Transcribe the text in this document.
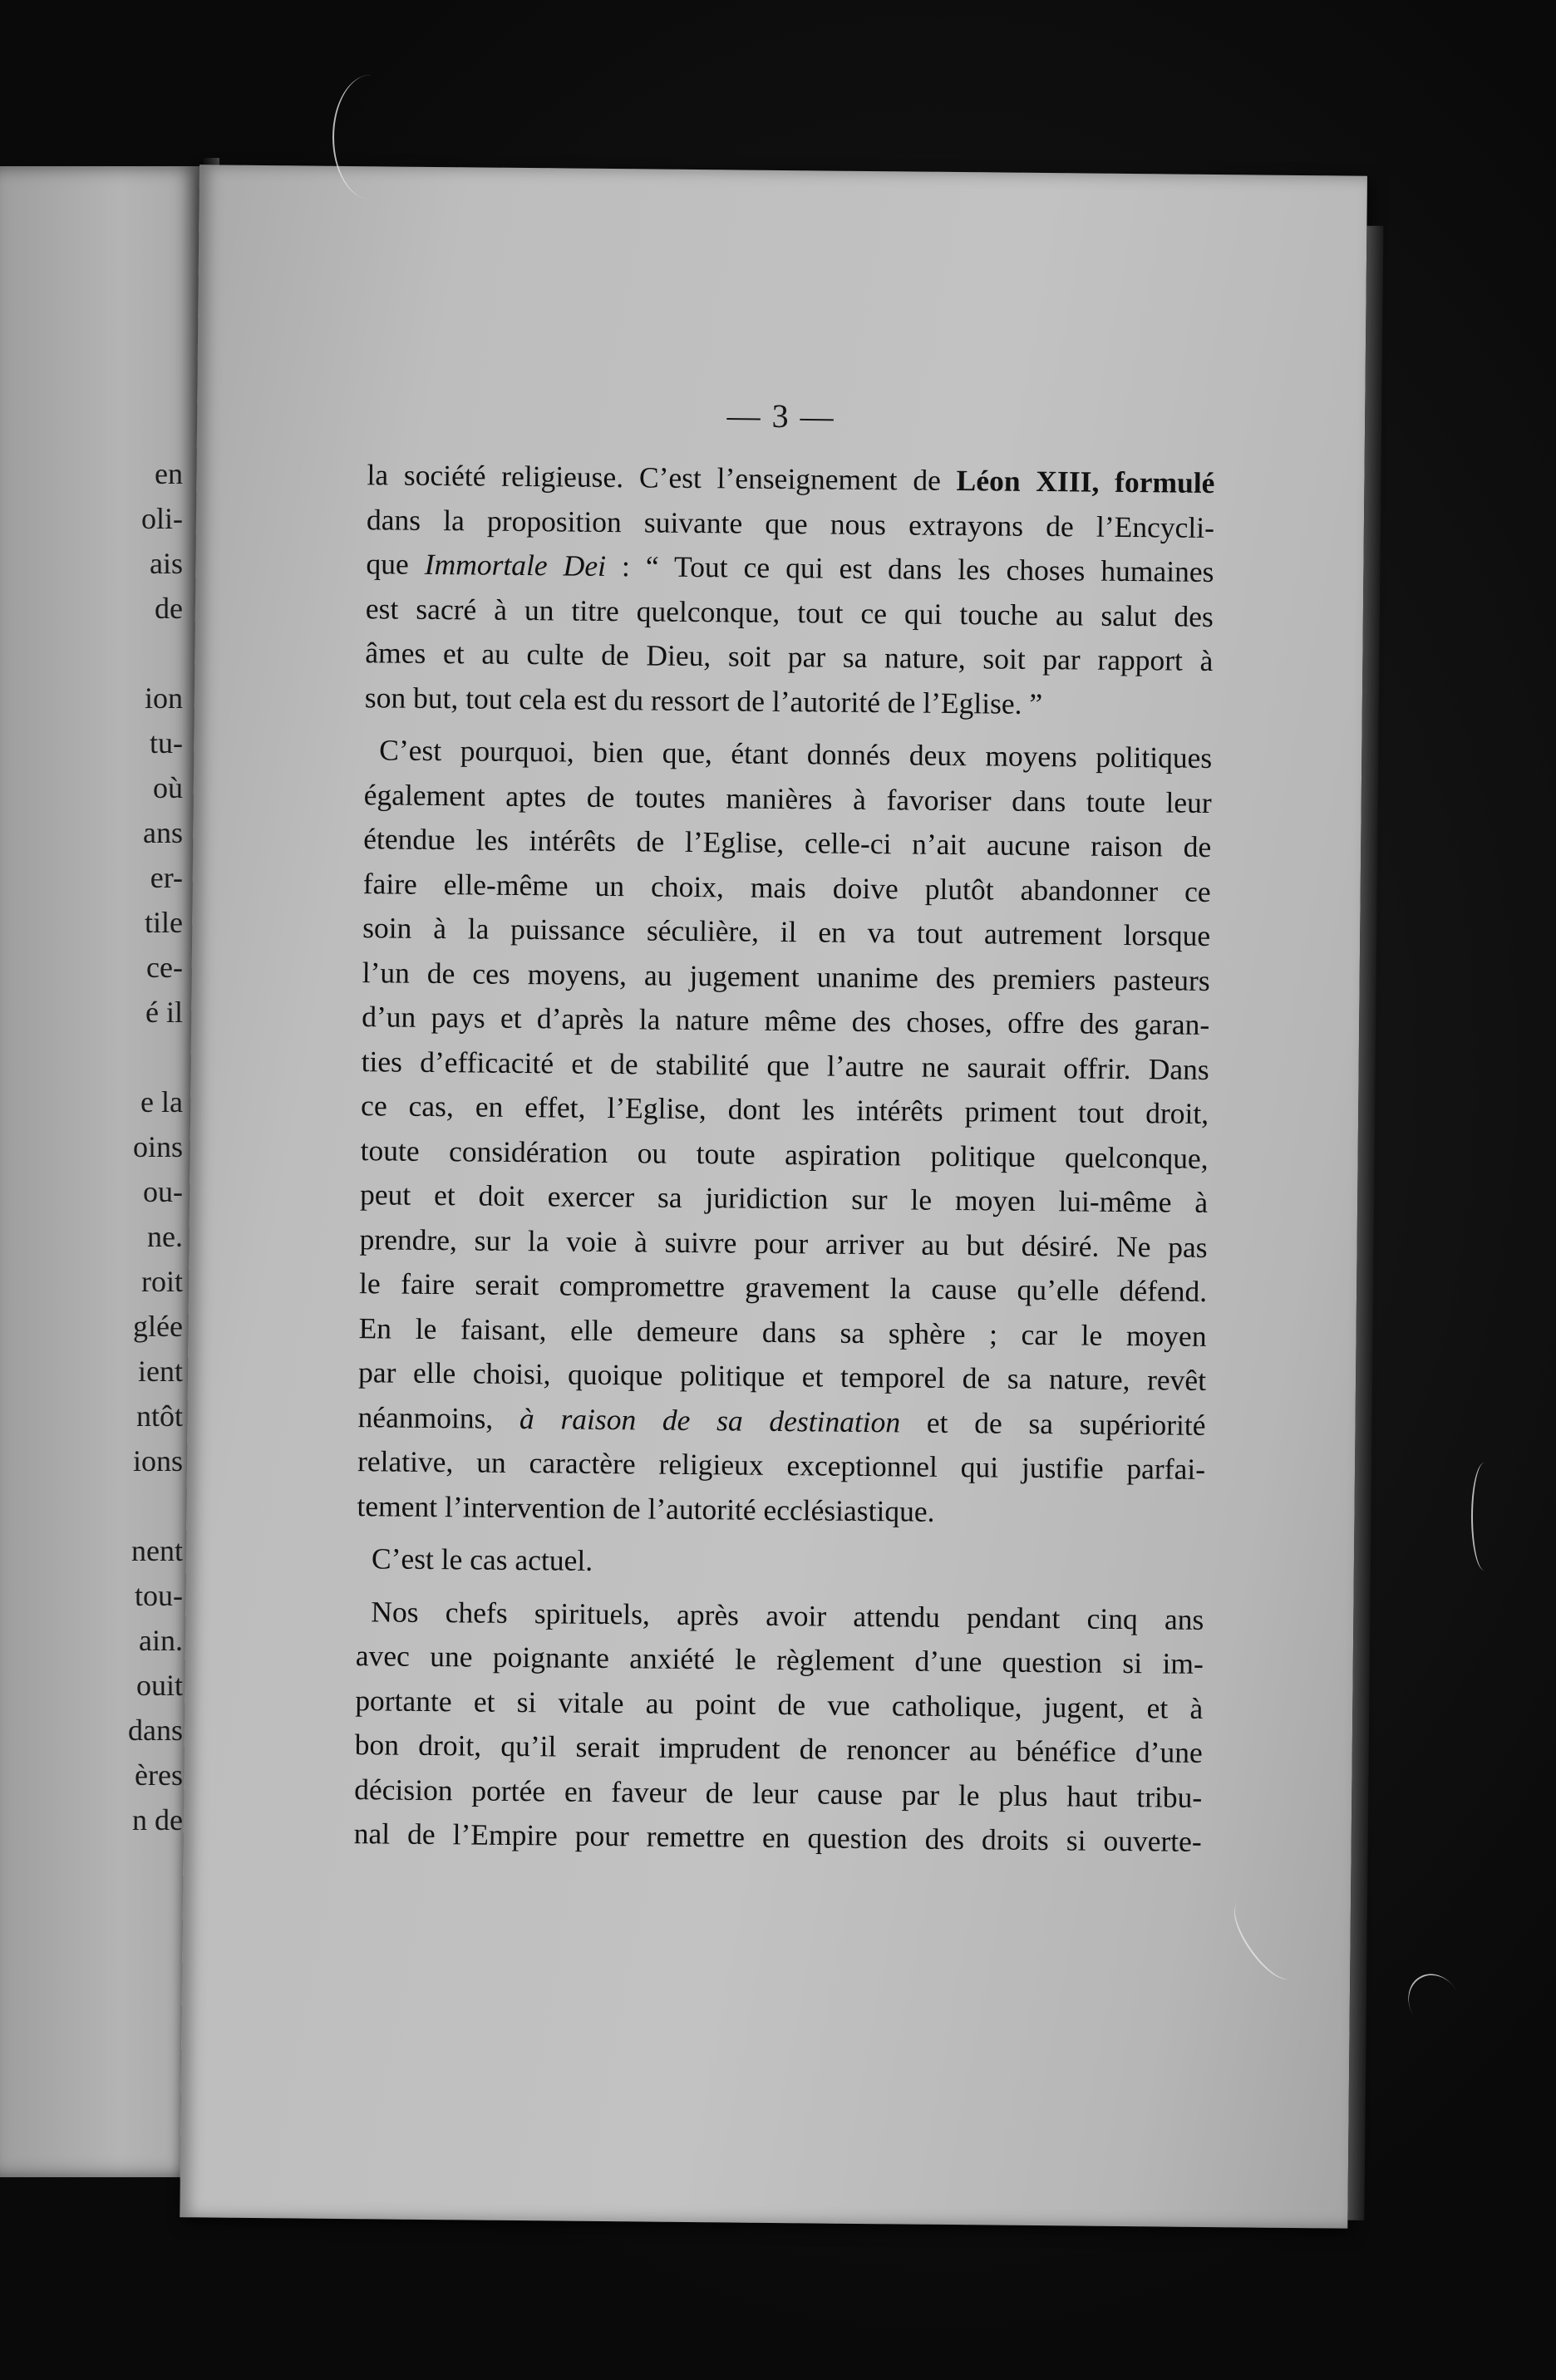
en
oli-
ais
de
ion
tu-
où
ans
er-
tile
ce-
é il
e la
oins
ou-
ne.
roit
glée
ient
ntôt
ions
nent
tou-
ain.
ouit
dans
ères
n de
— 3 —
la société religieuse. C’est l’enseignement de Léon XIII, formulé
dans la proposition suivante que nous extrayons de l’Encycli-
que Immortale Dei : “ Tout ce qui est dans les choses humaines
est sacré à un titre quelconque, tout ce qui touche au salut des
âmes et au culte de Dieu, soit par sa nature, soit par rapport à
son but, tout cela est du ressort de l’autorité de l’Eglise. ”
C’est pourquoi, bien que, étant donnés deux moyens politiques
également aptes de toutes manières à favoriser dans toute leur
étendue les intérêts de l’Eglise, celle-ci n’ait aucune raison de
faire elle-même un choix, mais doive plutôt abandonner ce
soin à la puissance séculière, il en va tout autrement lorsque
l’un de ces moyens, au jugement unanime des premiers pasteurs
d’un pays et d’après la nature même des choses, offre des garan-
ties d’efficacité et de stabilité que l’autre ne saurait offrir. Dans
ce cas, en effet, l’Eglise, dont les intérêts priment tout droit,
toute considération ou toute aspiration politique quelconque,
peut et doit exercer sa juridiction sur le moyen lui-même à
prendre, sur la voie à suivre pour arriver au but désiré. Ne pas
le faire serait compromettre gravement la cause qu’elle défend.
En le faisant, elle demeure dans sa sphère ; car le moyen
par elle choisi, quoique politique et temporel de sa nature, revêt
néanmoins, à raison de sa destination et de sa supériorité
relative, un caractère religieux exceptionnel qui justifie parfai-
tement l’intervention de l’autorité ecclésiastique.
C’est le cas actuel.
Nos chefs spirituels, après avoir attendu pendant cinq ans
avec une poignante anxiété le règlement d’une question si im-
portante et si vitale au point de vue catholique, jugent, et à
bon droit, qu’il serait imprudent de renoncer au bénéfice d’une
décision portée en faveur de leur cause par le plus haut tribu-
nal de l’Empire pour remettre en question des droits si ouverte-
